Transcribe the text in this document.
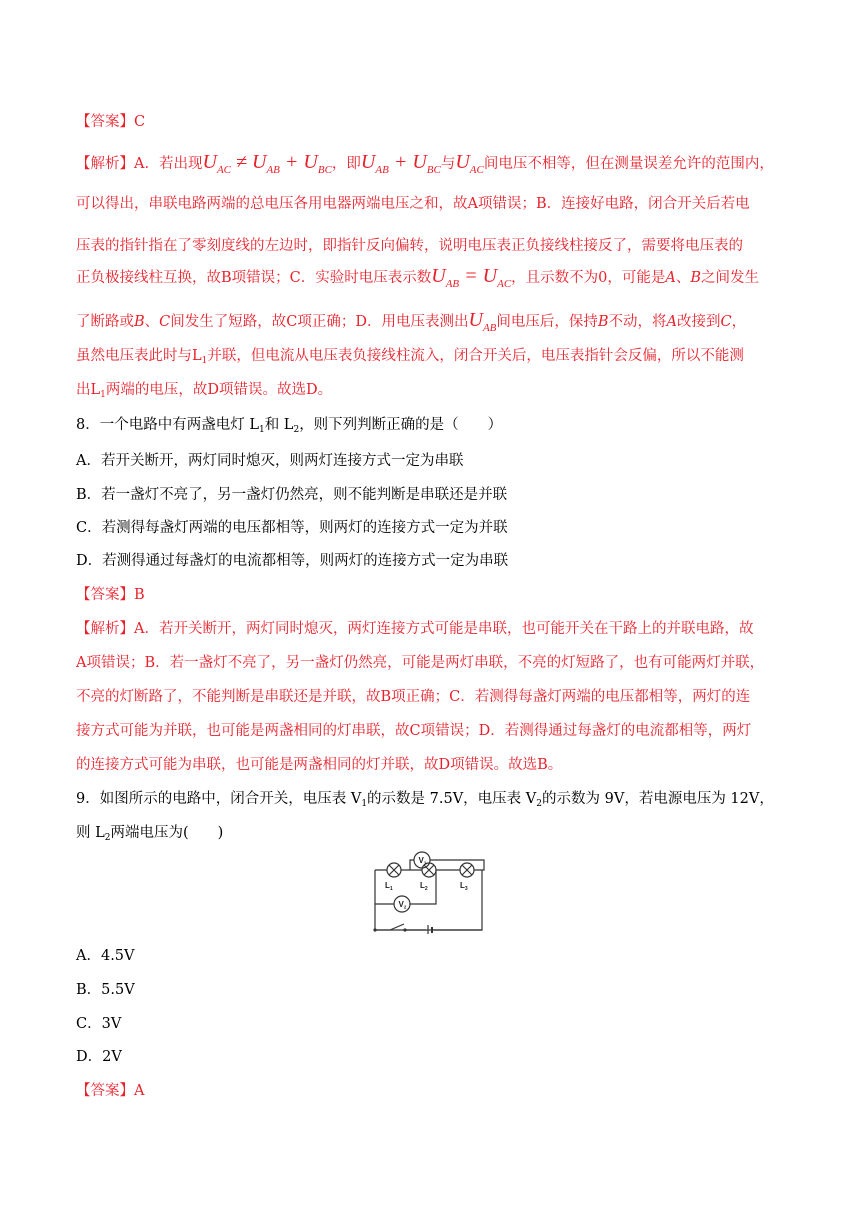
【答案】C
【解析】A．若出现$U_{AC} \ne U_{AB} + U_{BC}$，即$U_{AB} + U_{BC}$与$U_{AC}$间电压不相等，但在测量误差允许的范围内，
可以得出，串联电路两端的总电压各用电器两端电压之和，故A项错误；B．连接好电路，闭合开关后若电
压表的指针指在了零刻度线的左边时，即指针反向偏转，说明电压表正负接线柱接反了，需要将电压表的
正负极接线柱互换，故B项错误；C．实验时电压表示数$U_{AB} = U_{AC}$，且示数不为0，可能是A、B之间发生
了断路或B、C间发生了短路，故C项正确；D．用电压表测出$U_{AB}$间电压后，保持B不动，将A改接到C，
虽然电压表此时与$L_1$并联，但电流从电压表负接线柱流入，闭合开关后，电压表指针会反偏，所以不能测
出$L_1$两端的电压，故D项错误。故选D。
8．一个电路中有两盏电灯 $L_1$和 $L_2$，则下列判断正确的是（　　）
A．若开关断开，两灯同时熄灭，则两灯连接方式一定为串联
B．若一盏灯不亮了，另一盏灯仍然亮，则不能判断是串联还是并联
C．若测得每盏灯两端的电压都相等，则两灯的连接方式一定为并联
D．若测得通过每盏灯的电流都相等，则两灯的连接方式一定为串联
【答案】B
【解析】A．若开关断开，两灯同时熄灭，两灯连接方式可能是串联，也可能开关在干路上的并联电路，故
A项错误；B．若一盏灯不亮了，另一盏灯仍然亮，可能是两灯串联，不亮的灯短路了，也有可能两灯并联，
不亮的灯断路了，不能判断是串联还是并联，故B项正确；C．若测得每盏灯两端的电压都相等，两灯的连
接方式可能为并联，也可能是两盏相同的灯串联，故C项错误；D．若测得通过每盏灯的电流都相等，两灯
的连接方式可能为串联，也可能是两盏相同的灯并联，故D项错误。故选B。
9．如图所示的电路中，闭合开关，电压表 $V_1$的示数是 7.5V，电压表 $V_2$的示数为 9V，若电源电压为 12V，
则 $L_2$两端电压为(　　)
V1
V2
$L_1$	$L_2$	$L_3$
A．4.5V
B．5.5V
C．3V
D．2V
【答案】A
